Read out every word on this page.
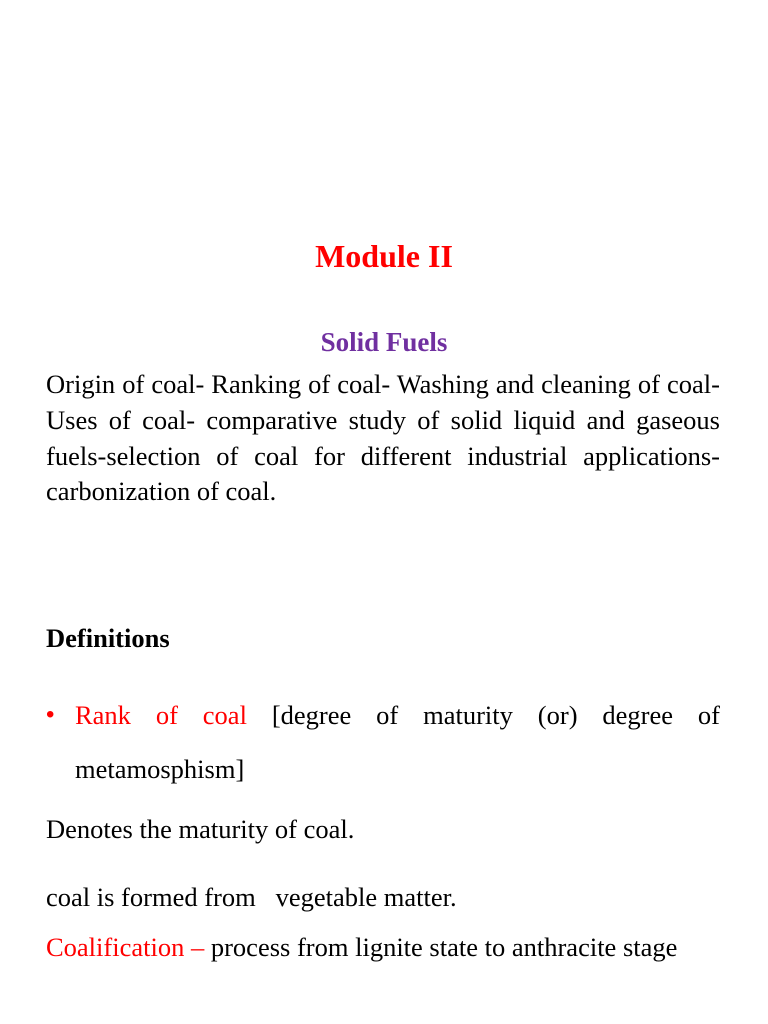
Module II
Solid Fuels

Origin of coal- Ranking of coal- Washing and cleaning of coal-Uses of coal- comparative study of solid liquid and gaseous fuels-selection of coal for different industrial applications-carbonization of coal.

Definitions

• Rank of coal [degree of maturity (or) degree of metamosphism]

Denotes the maturity of coal.

coal is formed from   vegetable matter.

Coalification – process from lignite state to anthracite stage
